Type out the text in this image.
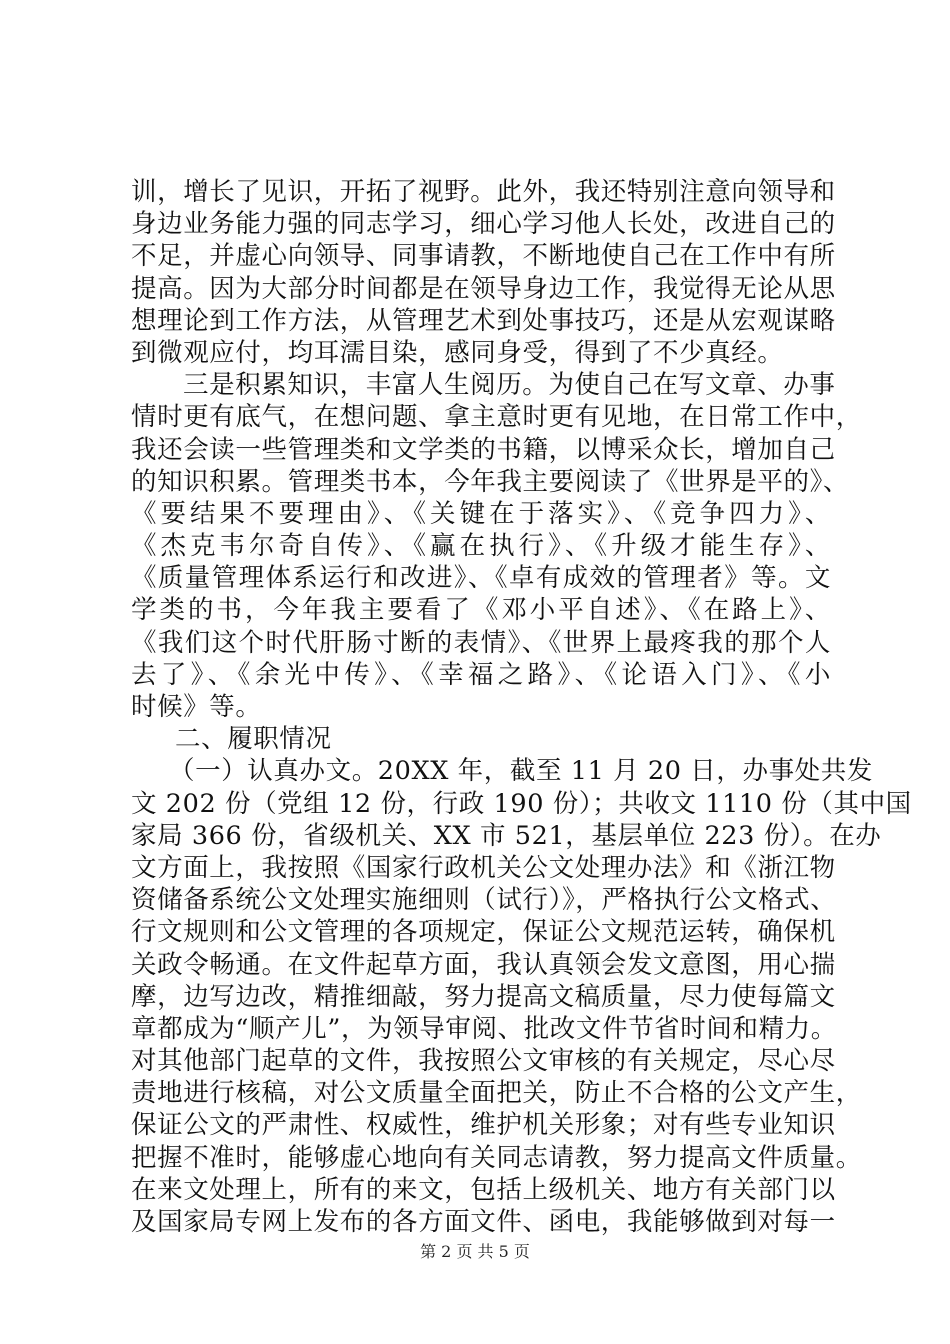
训，增长了见识，开拓了视野。此外，我还特别注意向领导和
身边业务能力强的同志学习，细心学习他人长处，改进自己的
不足，并虚心向领导、同事请教，不断地使自己在工作中有所
提高。因为大部分时间都是在领导身边工作，我觉得无论从思
想理论到工作方法，从管理艺术到处事技巧，还是从宏观谋略
到微观应付，均耳濡目染，感同身受，得到了不少真经。
三是积累知识，丰富人生阅历。为使自己在写文章、办事
情时更有底气，在想问题、拿主意时更有见地，在日常工作中，
我还会读一些管理类和文学类的书籍，以博采众长，增加自己
的知识积累。管理类书本，今年我主要阅读了《世界是平的》、
《要结果不要理由》、《关键在于落实》、《竞争四力》、
《杰克韦尔奇自传》、《赢在执行》、《升级才能生存》、
《质量管理体系运行和改进》、《卓有成效的管理者》等。文
学类的书，今年我主要看了《邓小平自述》、《在路上》、
《我们这个时代肝肠寸断的表情》、《世界上最疼我的那个人
去了》、《余光中传》、《幸福之路》、《论语入门》、《小
时候》等。
二、履职情况
（一）认真办文。20XX 年，截至 11 月 20 日，办事处共发
文 202 份（党组 12 份，行政 190 份）；共收文 1110 份（其中国
家局 366 份，省级机关、XX 市 521，基层单位 223 份）。在办
文方面上，我按照《国家行政机关公文处理办法》和《浙江物
资储备系统公文处理实施细则（试行）》，严格执行公文格式、
行文规则和公文管理的各项规定，保证公文规范运转，确保机
关政令畅通。在文件起草方面，我认真领会发文意图，用心揣
摩，边写边改，精推细敲，努力提高文稿质量，尽力使每篇文
章都成为“顺产儿”，为领导审阅、批改文件节省时间和精力。
对其他部门起草的文件，我按照公文审核的有关规定，尽心尽
责地进行核稿，对公文质量全面把关，防止不合格的公文产生，
保证公文的严肃性、权威性，维护机关形象；对有些专业知识
把握不准时，能够虚心地向有关同志请教，努力提高文件质量。
在来文处理上，所有的来文，包括上级机关、地方有关部门以
及国家局专网上发布的各方面文件、函电，我能够做到对每一
第 2 页 共 5 页
